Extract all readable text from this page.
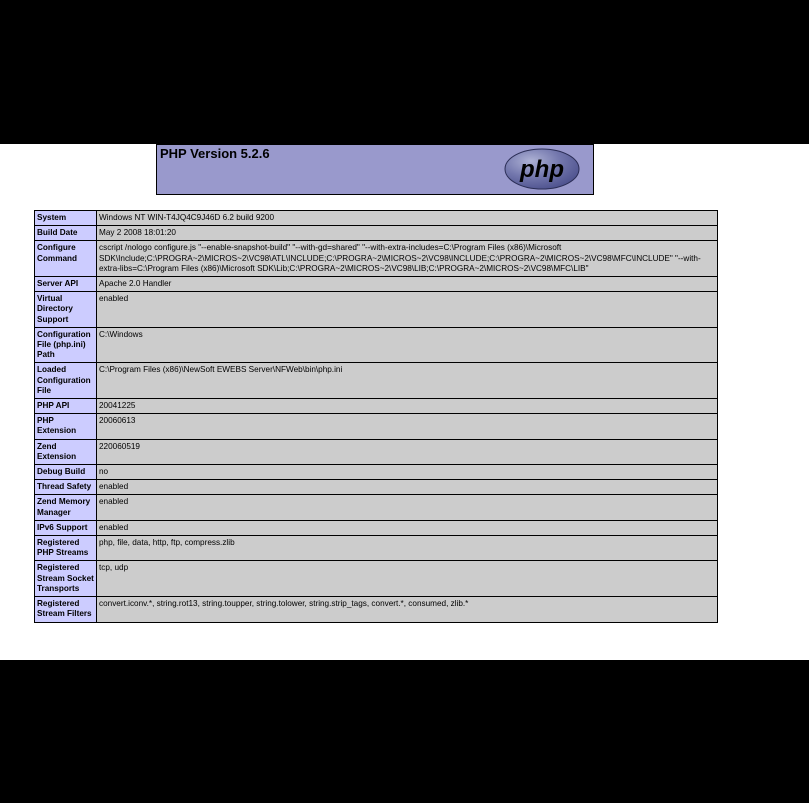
PHP Version 5.2.6
php
System	Windows NT WIN-T4JQ4C9J46D 6.2 build 9200
Build Date	May 2 2008 18:01:20
Configure Command	cscript /nologo configure.js "--enable-snapshot-build" "--with-gd=shared" "--with-extra-includes=C:\Program Files (x86)\Microsoft SDK\Include;C:\PROGRA~2\MICROS~2\VC98\ATL\INCLUDE;C:\PROGRA~2\MICROS~2\VC98\INCLUDE;C:\PROGRA~2\MICROS~2\VC98\MFC\INCLUDE" "--with-extra-libs=C:\Program Files (x86)\Microsoft SDK\Lib;C:\PROGRA~2\MICROS~2\VC98\LIB;C:\PROGRA~2\MICROS~2\VC98\MFC\LIB"
Server API	Apache 2.0 Handler
Virtual Directory Support	enabled
Configuration File (php.ini) Path	C:\Windows
Loaded Configuration File	C:\Program Files (x86)\NewSoft EWEBS Server\NFWeb\bin\php.ini
PHP API	20041225
PHP Extension	20060613
Zend Extension	220060519
Debug Build	no
Thread Safety	enabled
Zend Memory Manager	enabled
IPv6 Support	enabled
Registered PHP Streams	php, file, data, http, ftp, compress.zlib
Registered Stream Socket Transports	tcp, udp
Registered Stream Filters	convert.iconv.*, string.rot13, string.toupper, string.tolower, string.strip_tags, convert.*, consumed, zlib.*
